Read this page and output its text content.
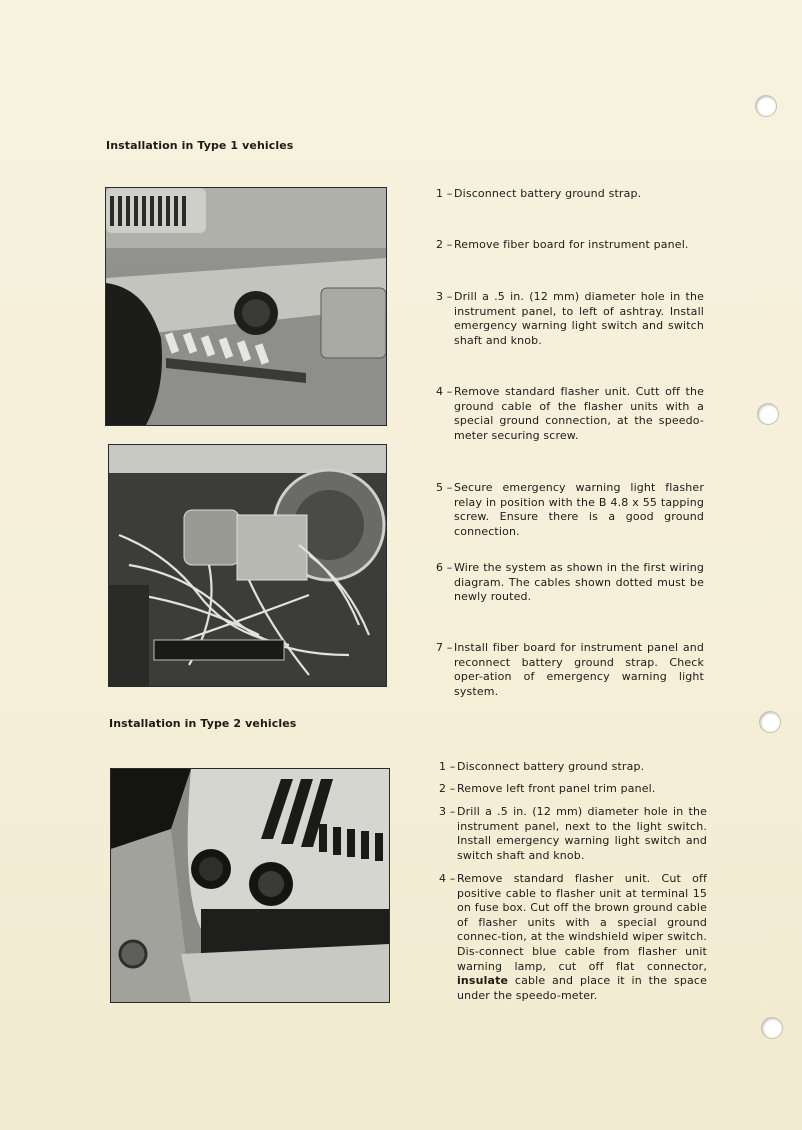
Installation in Type 1 vehicles
1 – Disconnect battery ground strap.
2 – Remove fiber board for instrument panel.
3 – Drill a .5 in. (12 mm) diameter hole in the instrument panel, to left of ashtray. Install emergency warning light switch and switch shaft and knob.
4 – Remove standard flasher unit. Cutt off the ground cable of the flasher units with a special ground connection, at the speedo-meter securing screw.
5 – Secure emergency warning light flasher relay in position with the B 4.8 x 55 tapping screw. Ensure there is a good ground connection.
6 – Wire the system as shown in the first wiring diagram. The cables shown dotted must be newly routed.
7 – Install fiber board for instrument panel and reconnect battery ground strap. Check oper-ation of emergency warning light system.
Installation in Type 2 vehicles
1 – Disconnect battery ground strap.
2 – Remove left front panel trim panel.
3 – Drill a .5 in. (12 mm) diameter hole in the instrument panel, next to the light switch. Install emergency warning light switch and switch shaft and knob.
4 – Remove standard flasher unit. Cut off positive cable to flasher unit at terminal 15 on fuse box. Cut off the brown ground cable of flasher units with a special ground connec-tion, at the windshield wiper switch. Dis-connect blue cable from flasher unit warning lamp, cut off flat connector, insulate cable and place it in the space under the speedo-meter.
